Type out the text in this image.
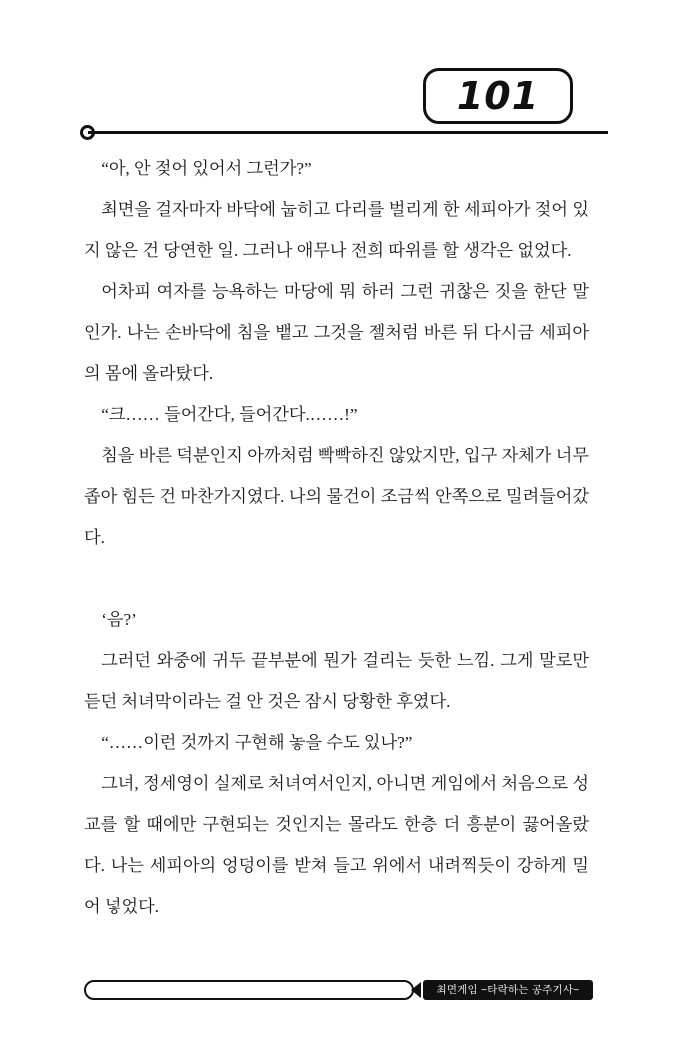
101

“아, 안 젖어 있어서 그런가?”

최면을 걸자마자 바닥에 눕히고 다리를 벌리게 한 세피아가 젖어 있지 않은 건 당연한 일. 그러나 애무나 전희 따위를 할 생각은 없었다.

어차피 여자를 능욕하는 마당에 뭐 하러 그런 귀찮은 짓을 한단 말인가. 나는 손바닥에 침을 뱉고 그것을 젤처럼 바른 뒤 다시금 세피아의 몸에 올라탔다.

“크…… 들어간다, 들어간다.……!”

침을 바른 덕분인지 아까처럼 빡빡하진 않았지만, 입구 자체가 너무 좁아 힘든 건 마찬가지였다. 나의 물건이 조금씩 안쪽으로 밀려들어갔다.

‘음?’

그러던 와중에 귀두 끝부분에 뭔가 걸리는 듯한 느낌. 그게 말로만 듣던 처녀막이라는 걸 안 것은 잠시 당황한 후였다.

“……이런 것까지 구현해 놓을 수도 있나?”

그녀, 정세영이 실제로 처녀여서인지, 아니면 게임에서 처음으로 성교를 할 때에만 구현되는 것인지는 몰라도 한층 더 흥분이 끓어올랐다. 나는 세피아의 엉덩이를 받쳐 들고 위에서 내려찍듯이 강하게 밀어 넣었다.

최면게임 ~타락하는 공주기사~
